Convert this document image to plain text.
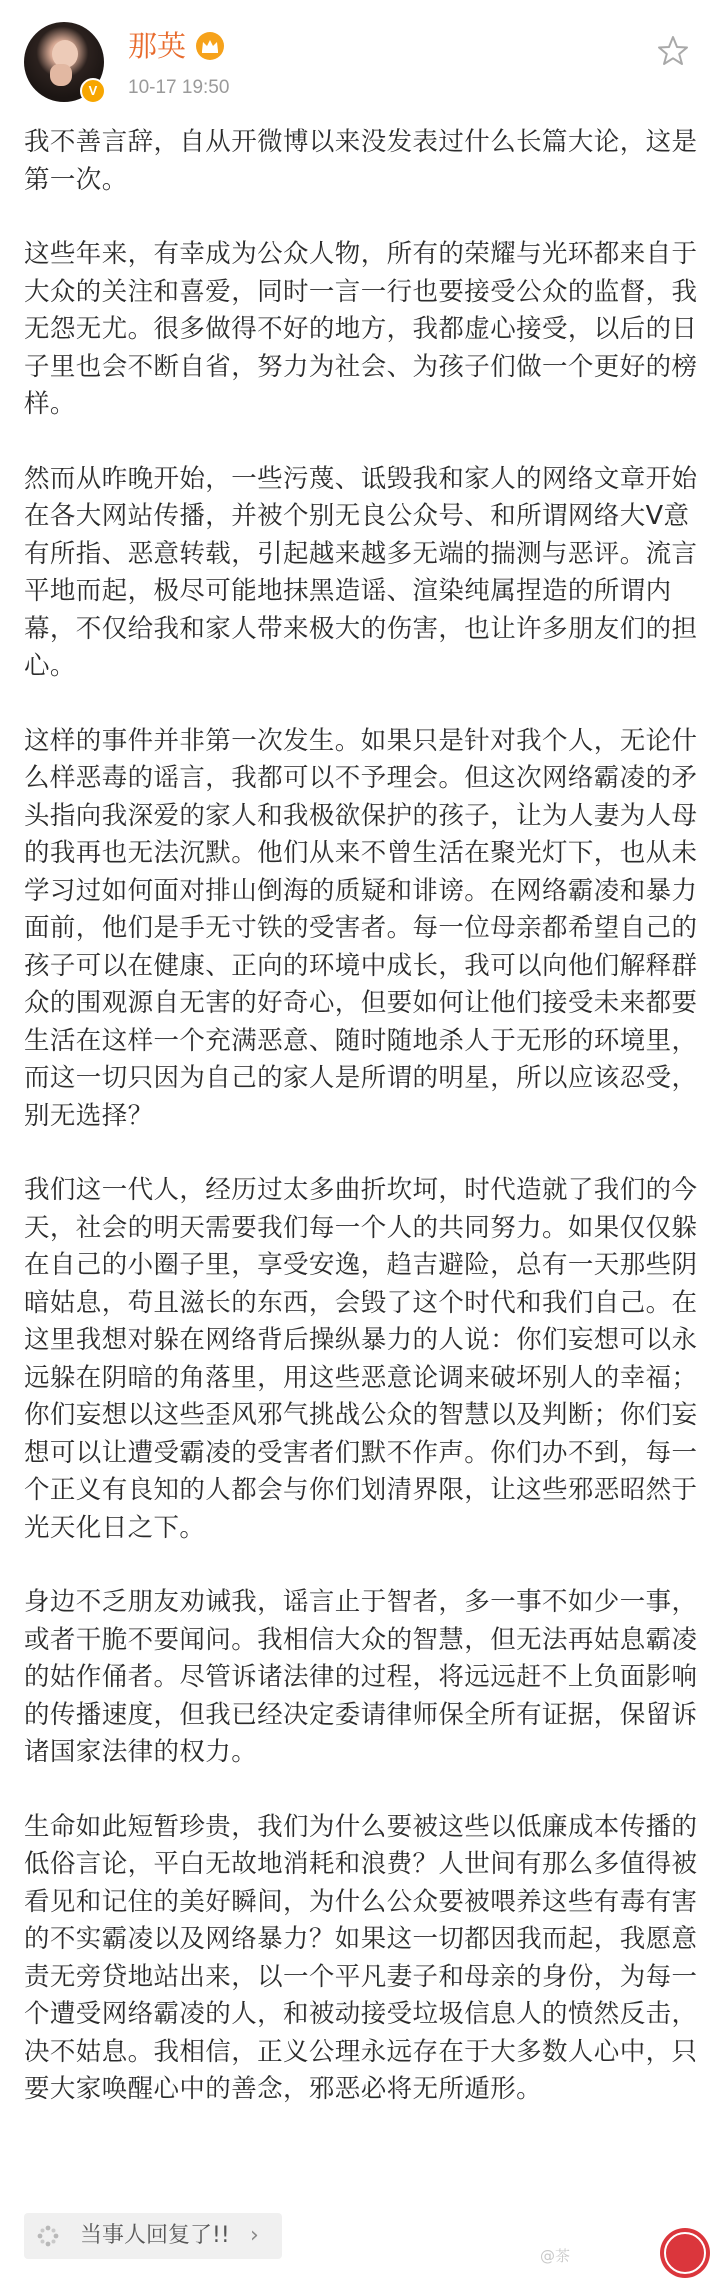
V
那英
10-17 19:50

我不善言辞，自从开微博以来没发表过什么长篇大论，这是第一次。

这些年来，有幸成为公众人物，所有的荣耀与光环都来自于大众的关注和喜爱，同时一言一行也要接受公众的监督，我无怨无尤。很多做得不好的地方，我都虚心接受，以后的日子里也会不断自省，努力为社会、为孩子们做一个更好的榜样。

然而从昨晚开始，一些污蔑、诋毁我和家人的网络文章开始在各大网站传播，并被个别无良公众号、和所谓网络大V意有所指、恶意转载，引起越来越多无端的揣测与恶评。流言平地而起，极尽可能地抹黑造谣、渲染纯属捏造的所谓内幕，不仅给我和家人带来极大的伤害，也让许多朋友们的担心。

这样的事件并非第一次发生。如果只是针对我个人，无论什么样恶毒的谣言，我都可以不予理会。但这次网络霸凌的矛头指向我深爱的家人和我极欲保护的孩子，让为人妻为人母的我再也无法沉默。他们从来不曾生活在聚光灯下，也从未学习过如何面对排山倒海的质疑和诽谤。在网络霸凌和暴力面前，他们是手无寸铁的受害者。每一位母亲都希望自己的孩子可以在健康、正向的环境中成长，我可以向他们解释群众的围观源自无害的好奇心，但要如何让他们接受未来都要生活在这样一个充满恶意、随时随地杀人于无形的环境里，而这一切只因为自己的家人是所谓的明星，所以应该忍受，别无选择？

我们这一代人，经历过太多曲折坎坷，时代造就了我们的今天，社会的明天需要我们每一个人的共同努力。如果仅仅躲在自己的小圈子里，享受安逸，趋吉避险，总有一天那些阴暗姑息，苟且滋长的东西，会毁了这个时代和我们自己。在这里我想对躲在网络背后操纵暴力的人说：你们妄想可以永远躲在阴暗的角落里，用这些恶意论调来破坏别人的幸福；你们妄想以这些歪风邪气挑战公众的智慧以及判断；你们妄想可以让遭受霸凌的受害者们默不作声。你们办不到，每一个正义有良知的人都会与你们划清界限，让这些邪恶昭然于光天化日之下。

身边不乏朋友劝诫我，谣言止于智者，多一事不如少一事，或者干脆不要闻问。我相信大众的智慧，但无法再姑息霸凌的姑作俑者。尽管诉诸法律的过程，将远远赶不上负面影响的传播速度，但我已经决定委请律师保全所有证据，保留诉诸国家法律的权力。

生命如此短暂珍贵，我们为什么要被这些以低廉成本传播的低俗言论，平白无故地消耗和浪费？人世间有那么多值得被看见和记住的美好瞬间，为什么公众要被喂养这些有毒有害的不实霸凌以及网络暴力？如果这一切都因我而起，我愿意责无旁贷地站出来，以一个平凡妻子和母亲的身份，为每一个遭受网络霸凌的人，和被动接受垃圾信息人的愤然反击，决不姑息。我相信，正义公理永远存在于大多数人心中，只要大家唤醒心中的善念，邪恶必将无所遁形。

当事人回复了!! ›
@茶
